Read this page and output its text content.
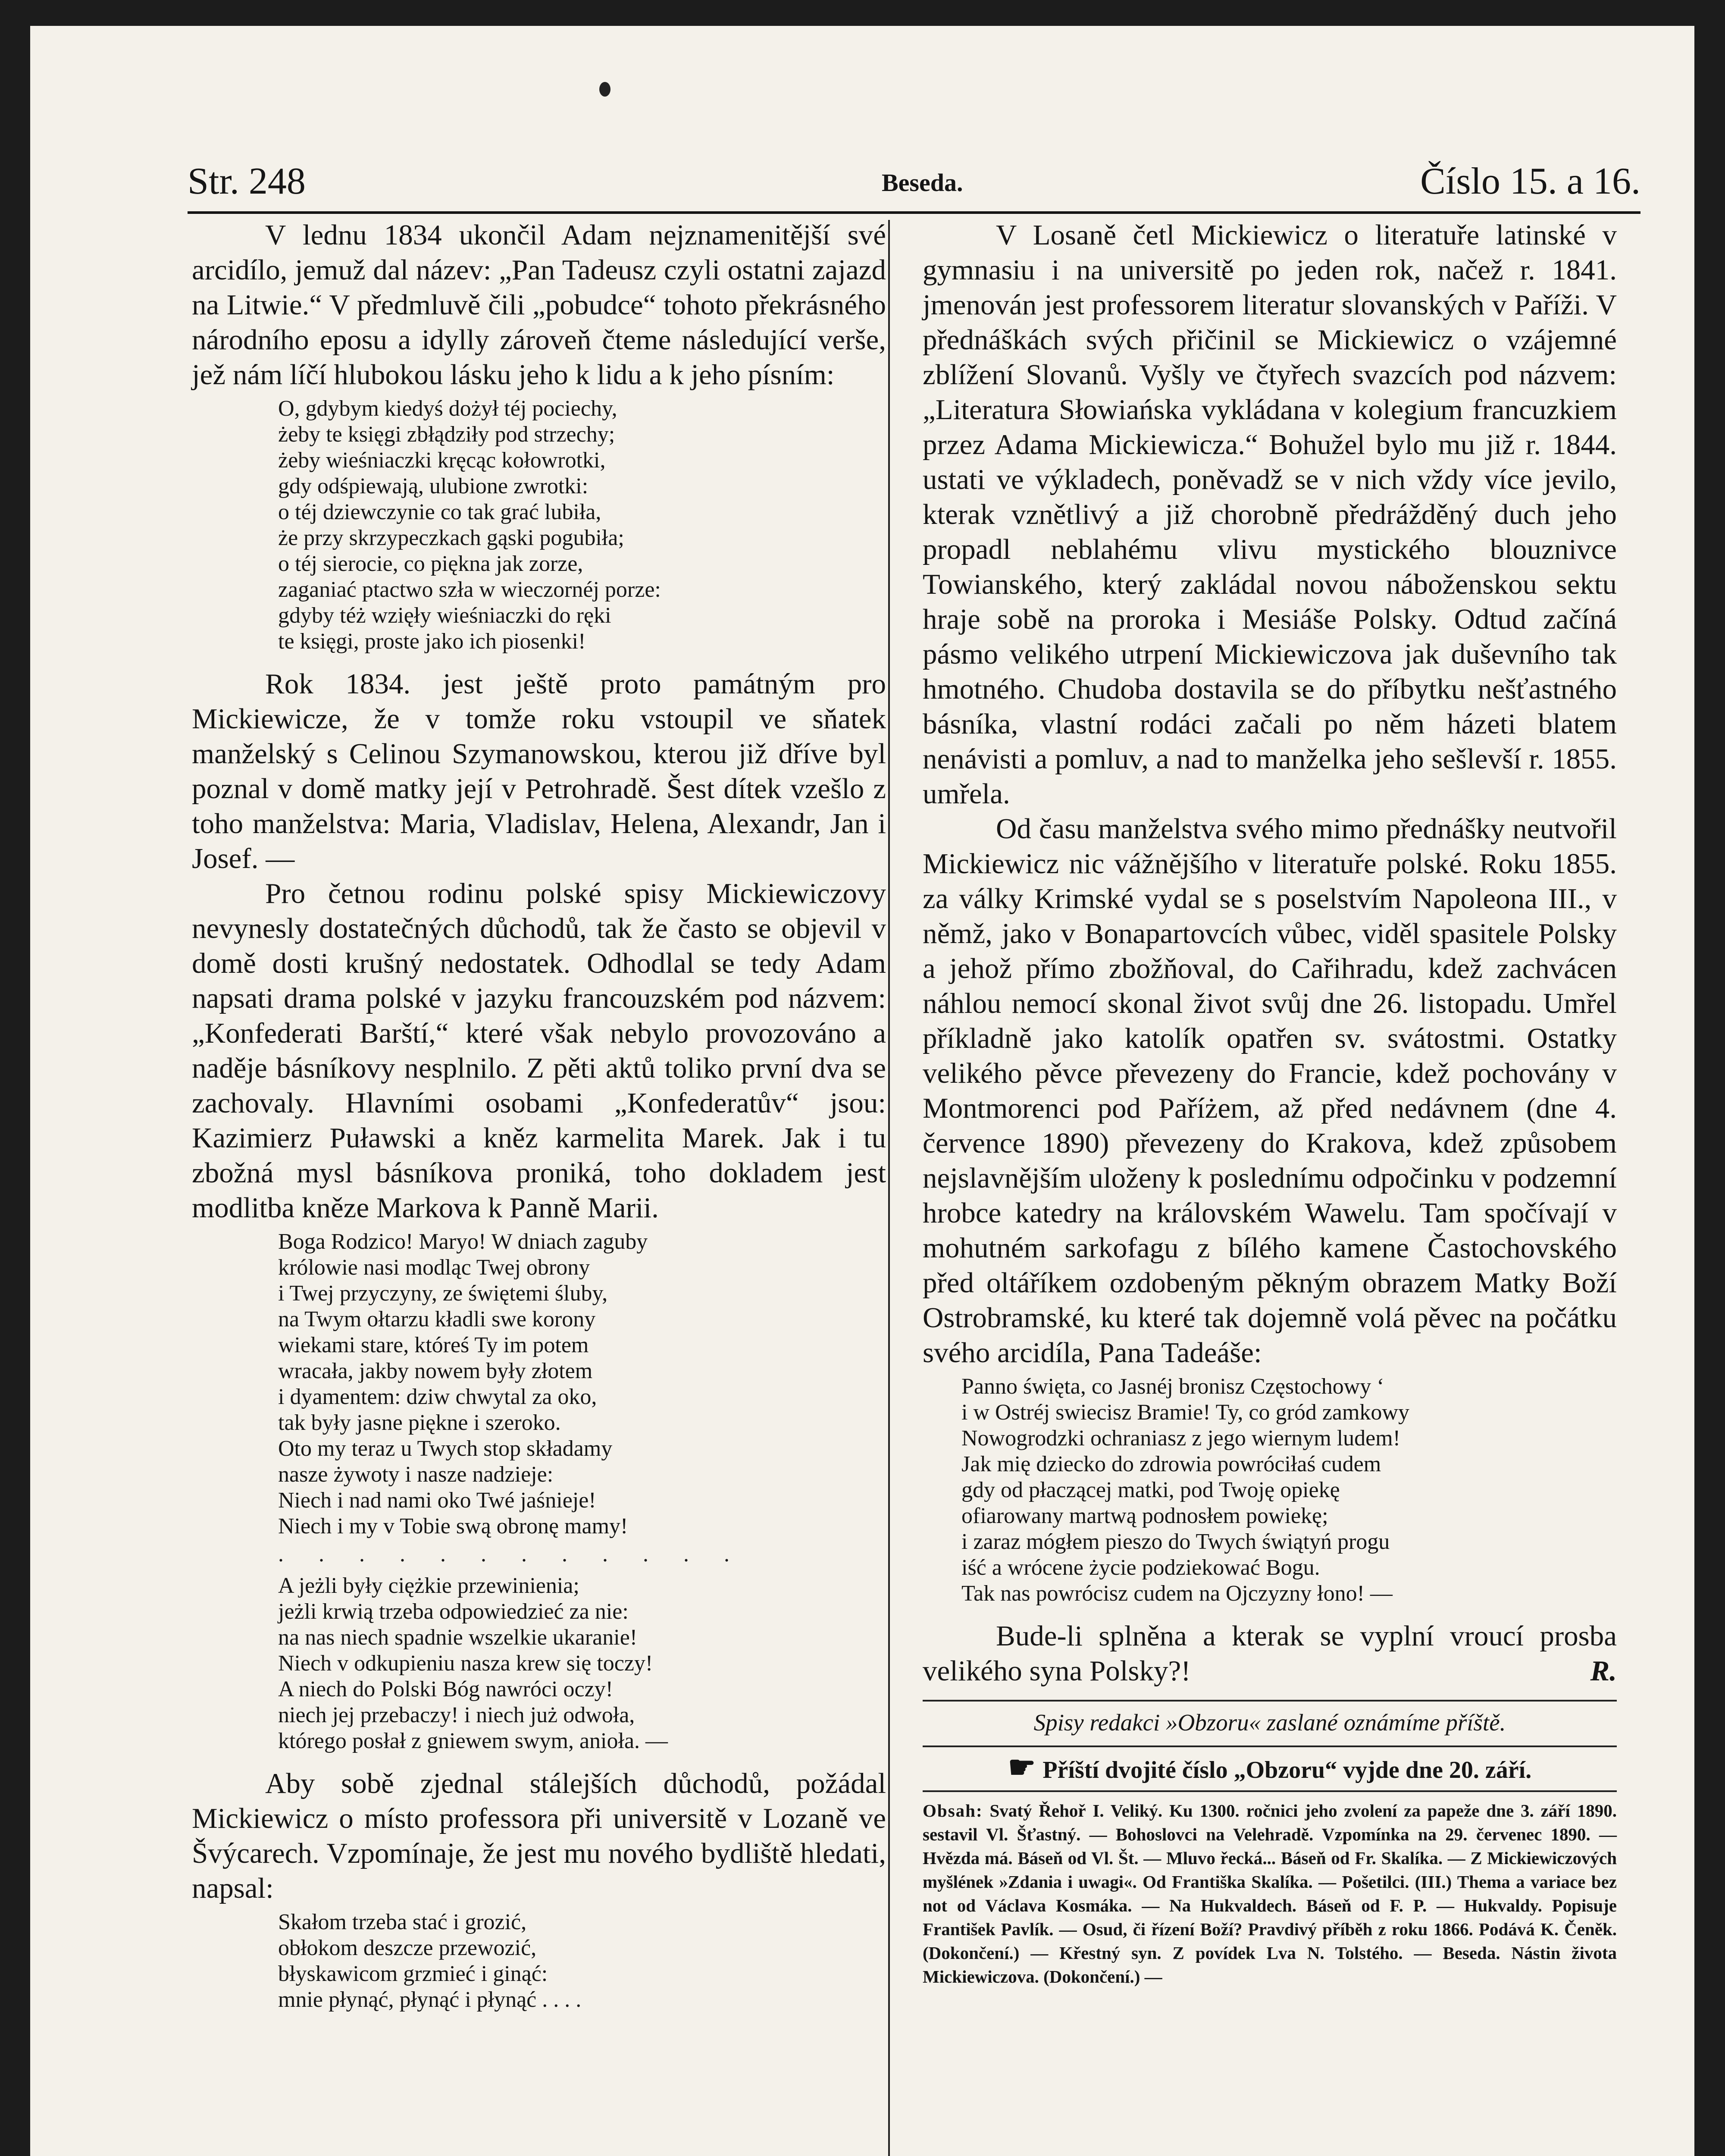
Str. 248	Beseda.	Číslo 15. a 16.

V lednu 1834 ukončil Adam nejznamenitější své arcidílo, jemuž dal název: „Pan Tadeusz czyli ostatni zajazd na Litwie.“ V předmluvě čili „pobudce“ tohoto překrásného národního eposu a idylly zároveň čteme následující verše, jež nám líčí hlubokou lásku jeho k lidu a k jeho písním:

O, gdybym kiedyś dożył téj pociechy,
żeby te księgi zbłądziły pod strzechy;
żeby wieśniaczki kręcąc kołowrotki,
gdy odśpiewają, ulubione zwrotki:
o téj dziewczynie co tak grać lubiła,
że przy skrzypeczkach gąski pogubiła;
o téj sierocie, co piękna jak zorze,
zaganiać ptactwo szła w wieczornéj porze:
gdyby téż wzięły wieśniaczki do ręki
te księgi, proste jako ich piosenki!

Rok 1834. jest ještě proto památným pro Mickiewicze, že v tomže roku vstoupil ve sňatek manželský s Celinou Szymanowskou, kterou již dříve byl poznal v domě matky její v Petrohradě. Šest dítek vzešlo z toho manželstva: Maria, Vladislav, Helena, Alexandr, Jan i Josef. —

Pro četnou rodinu polské spisy Mickiewiczovy nevynesly dostatečných důchodů, tak že často se objevil v domě dosti krušný nedostatek. Odhodlal se tedy Adam napsati drama polské v jazyku francouzském pod názvem: „Konfederati Barští,“ které však nebylo provozováno a naděje básníkovy nesplnilo. Z pěti aktů toliko první dva se zachovaly. Hlavními osobami „Konfederatův“ jsou: Kazimierz Puławski a kněz karmelita Marek. Jak i tu zbožná mysl básníkova proniká, toho dokladem jest modlitba kněze Markova k Panně Marii.

Boga Rodzico! Maryo! W dniach zaguby
królowie nasi modląc Twej obrony
i Twej przyczyny, ze świętemi śluby,
na Twym ołtarzu kładli swe korony
wiekami stare, któreś Ty im potem
wracała, jakby nowem były złotem
i dyamentem: dziw chwytal za oko,
tak były jasne piękne i szeroko.
Oto my teraz u Twych stop składamy
nasze żywoty i nasze nadzieje:
Niech i nad nami oko Twé jaśnieje!
Niech i my v Tobie swą obronę mamy!
. . . . . . . . . . . .
A jeżli były ciężkie przewinienia;
jeżli krwią trzeba odpowiedzieć za nie:
na nas niech spadnie wszelkie ukaranie!
Niech v odkupieniu nasza krew się toczy!
A niech do Polski Bóg nawróci oczy!
niech jej przebaczy! i niech już odwoła,
którego posłał z gniewem swym, anioła. —

Aby sobě zjednal stálejších důchodů, požádal Mickiewicz o místo professora při universitě v Lozaně ve Švýcarech. Vzpomínaje, že jest mu nového bydliště hledati, napsal:

Skałom trzeba stać i grozić,
obłokom deszcze przewozić,
błyskawicom grzmieć i ginąć:
mnie płynąć, płynąć i płynąć . . . .

V Losaně četl Mickiewicz o literatuře latinské v gymnasiu i na universitě po jeden rok, načež r. 1841. jmenován jest professorem literatur slovanských v Paříži. V přednáškách svých přičinil se Mickiewicz o vzájemné zblížení Slovanů. Vyšly ve čtyřech svazcích pod názvem: „Literatura Słowiańska vykládana v kolegium francuzkiem przez Adama Mickiewicza.“ Bohužel bylo mu již r. 1844. ustati ve výkladech, poněvadž se v nich vždy více jevilo, kterak vznětlivý a již chorobně předrážděný duch jeho propadl neblahému vlivu mystického blouznivce Towianského, který zakládal novou náboženskou sektu hraje sobě na proroka i Mesiáše Polsky. Odtud začíná pásmo velikého utrpení Mickiewiczova jak duševního tak hmotného. Chudoba dostavila se do příbytku nešťastného básníka, vlastní rodáci začali po něm házeti blatem nenávisti a pomluv, a nad to manželka jeho sešlevší r. 1855. umřela.

Od času manželstva svého mimo přednášky neutvořil Mickiewicz nic vážnějšího v literatuře polské. Roku 1855. za války Krimské vydal se s poselstvím Napoleona III., v němž, jako v Bonapartovcích vůbec, viděl spasitele Polsky a jehož přímo zbožňoval, do Cařihradu, kdež zachvácen náhlou nemocí skonal život svůj dne 26. listopadu. Umřel příkladně jako katolík opatřen sv. svátostmi. Ostatky velikého pěvce převezeny do Francie, kdež pochovány v Montmorenci pod Paříżem, až před nedávnem (dne 4. července 1890) převezeny do Krakova, kdež způsobem nejslavnějším uloženy k poslednímu odpočinku v podzemní hrobce katedry na královském Wawelu. Tam spočívají v mohutném sarkofagu z bílého kamene Častochovského před oltáříkem ozdobeným pěkným obrazem Matky Boží Ostrobramské, ku které tak dojemně volá pěvec na počátku svého arcidíla, Pana Tadeáše:

Panno święta, co Jasnéj bronisz Częstochowy ‘
i w Ostréj swiecisz Bramie! Ty, co gród zamkowy
Nowogrodzki ochraniasz z jego wiernym ludem!
Jak mię dziecko do zdrowia powróciłaś cudem
gdy od płaczącej matki, pod Twoję opiekę
ofiarowany martwą podnosłem powiekę;
i zaraz mógłem pieszo do Twych świątyń progu
iść a wrócene życie podziekować Bogu.
Tak nas powrócisz cudem na Ojczyzny łono! —

Bude-li splněna a kterak se vyplní vroucí prosba velikého syna Polsky?!	R.

Spisy redakci »Obzoru« zaslané oznámíme příště.
☛ Příští dvojité číslo „Obzoru“ vyjde dne 20. září.
Obsah: Svatý Řehoř I. Veliký. Ku 1300. ročnici jeho zvolení za papeže dne 3. září 1890. sestavil Vl. Šťastný. — Bohoslovci na Velehradě. Vzpomínka na 29. červenec 1890. — Hvězda má. Báseň od Vl. Št. — Mluvo řecká... Báseň od Fr. Skalíka. — Z Mickiewiczových myšlének »Zdania i uwagi«. Od Františka Skalíka. — Pošetilci. (III.) Thema a variace bez not od Václava Kosmáka. — Na Hukvaldech. Báseň od F. P. — Hukvaldy. Popisuje František Pavlík. — Osud, či řízení Boží? Pravdivý příběh z roku 1866. Podává K. Čeněk. (Dokončení.) — Křestný syn. Z povídek Lva N. Tolstého. — Beseda. Nástin života Mickiewiczova. (Dokončení.) —
